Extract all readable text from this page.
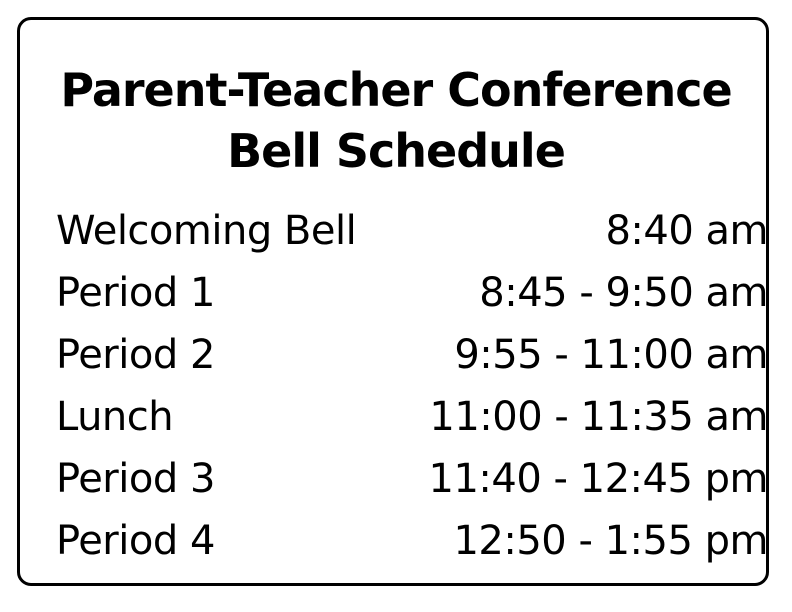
Parent-Teacher Conference
Bell Schedule
Welcoming Bell	8:40 am
Period 1	8:45 - 9:50 am
Period 2	9:55 - 11:00 am
Lunch	11:00 - 11:35 am
Period 3	11:40 - 12:45 pm
Period 4	12:50 - 1:55 pm
